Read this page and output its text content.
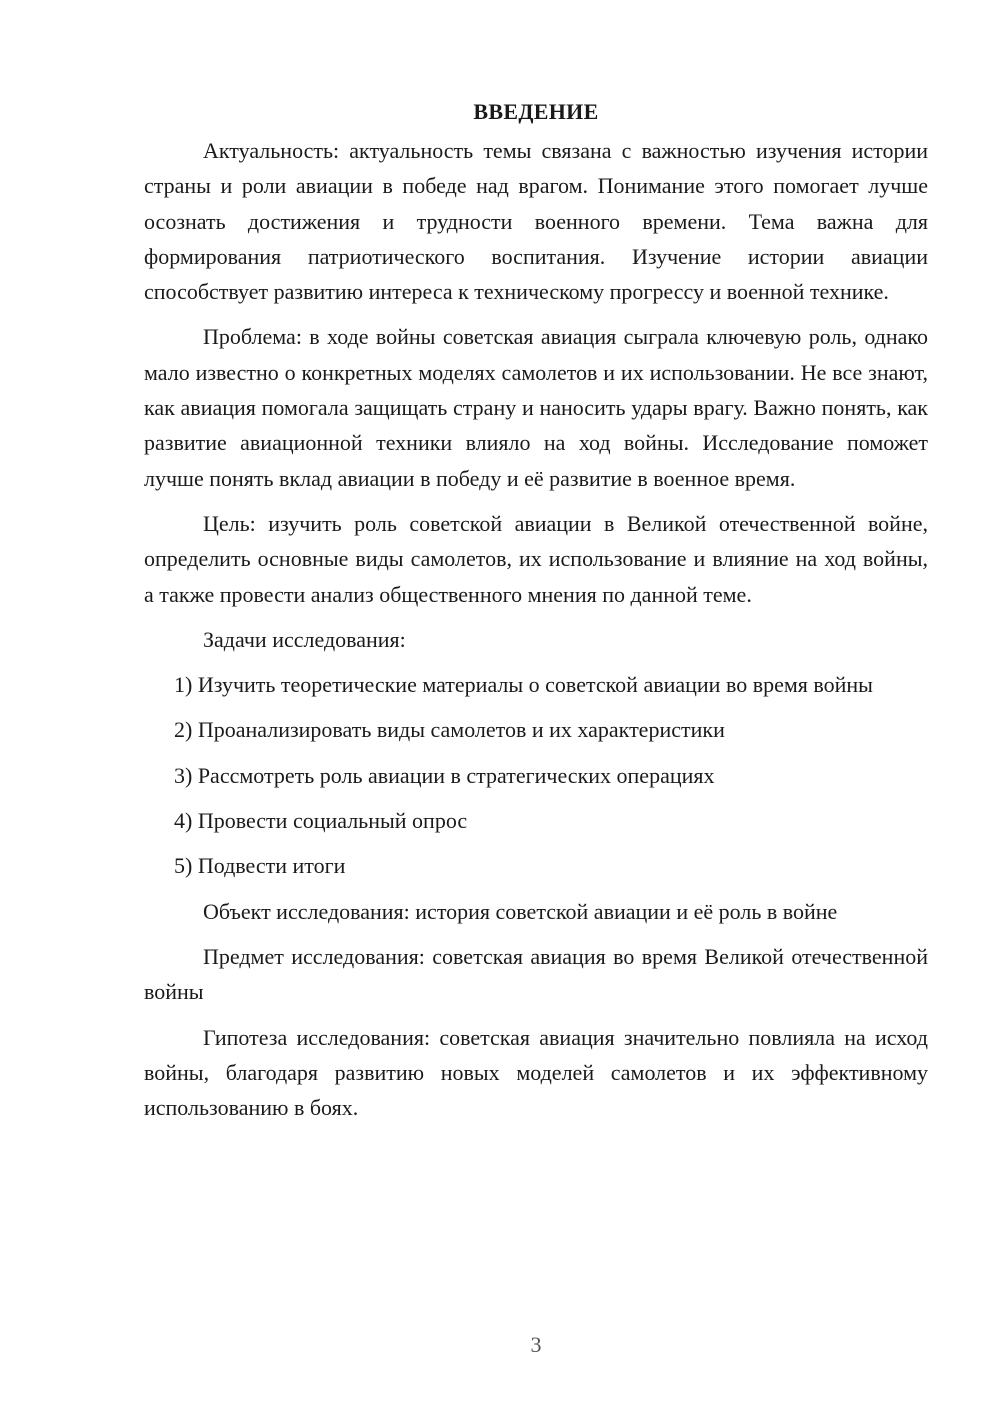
ВВЕДЕНИЕ

Актуальность: актуальность темы связана с важностью изучения истории страны и роли авиации в победе над врагом. Понимание этого помогает лучше осознать достижения и трудности военного времени. Тема важна для формирования патриотического воспитания. Изучение истории авиации способствует развитию интереса к техническому прогрессу и военной технике.

Проблема: в ходе войны советская авиация сыграла ключевую роль, однако мало известно о конкретных моделях самолетов и их использовании. Не все знают, как авиация помогала защищать страну и наносить удары врагу. Важно понять, как развитие авиационной техники влияло на ход войны. Исследование поможет лучше понять вклад авиации в победу и её развитие в военное время.

Цель: изучить роль советской авиации в Великой отечественной войне, определить основные виды самолетов, их использование и влияние на ход войны, а также провести анализ общественного мнения по данной теме.

Задачи исследования:

1) Изучить теоретические материалы о советской авиации во время войны

2) Проанализировать виды самолетов и их характеристики

3) Рассмотреть роль авиации в стратегических операциях

4) Провести социальный опрос

5) Подвести итоги

Объект исследования: история советской авиации и её роль в войне

Предмет исследования: советская авиация во время Великой отечественной войны

Гипотеза исследования: советская авиация значительно повлияла на исход войны, благодаря развитию новых моделей самолетов и их эффективному использованию в боях.

3
